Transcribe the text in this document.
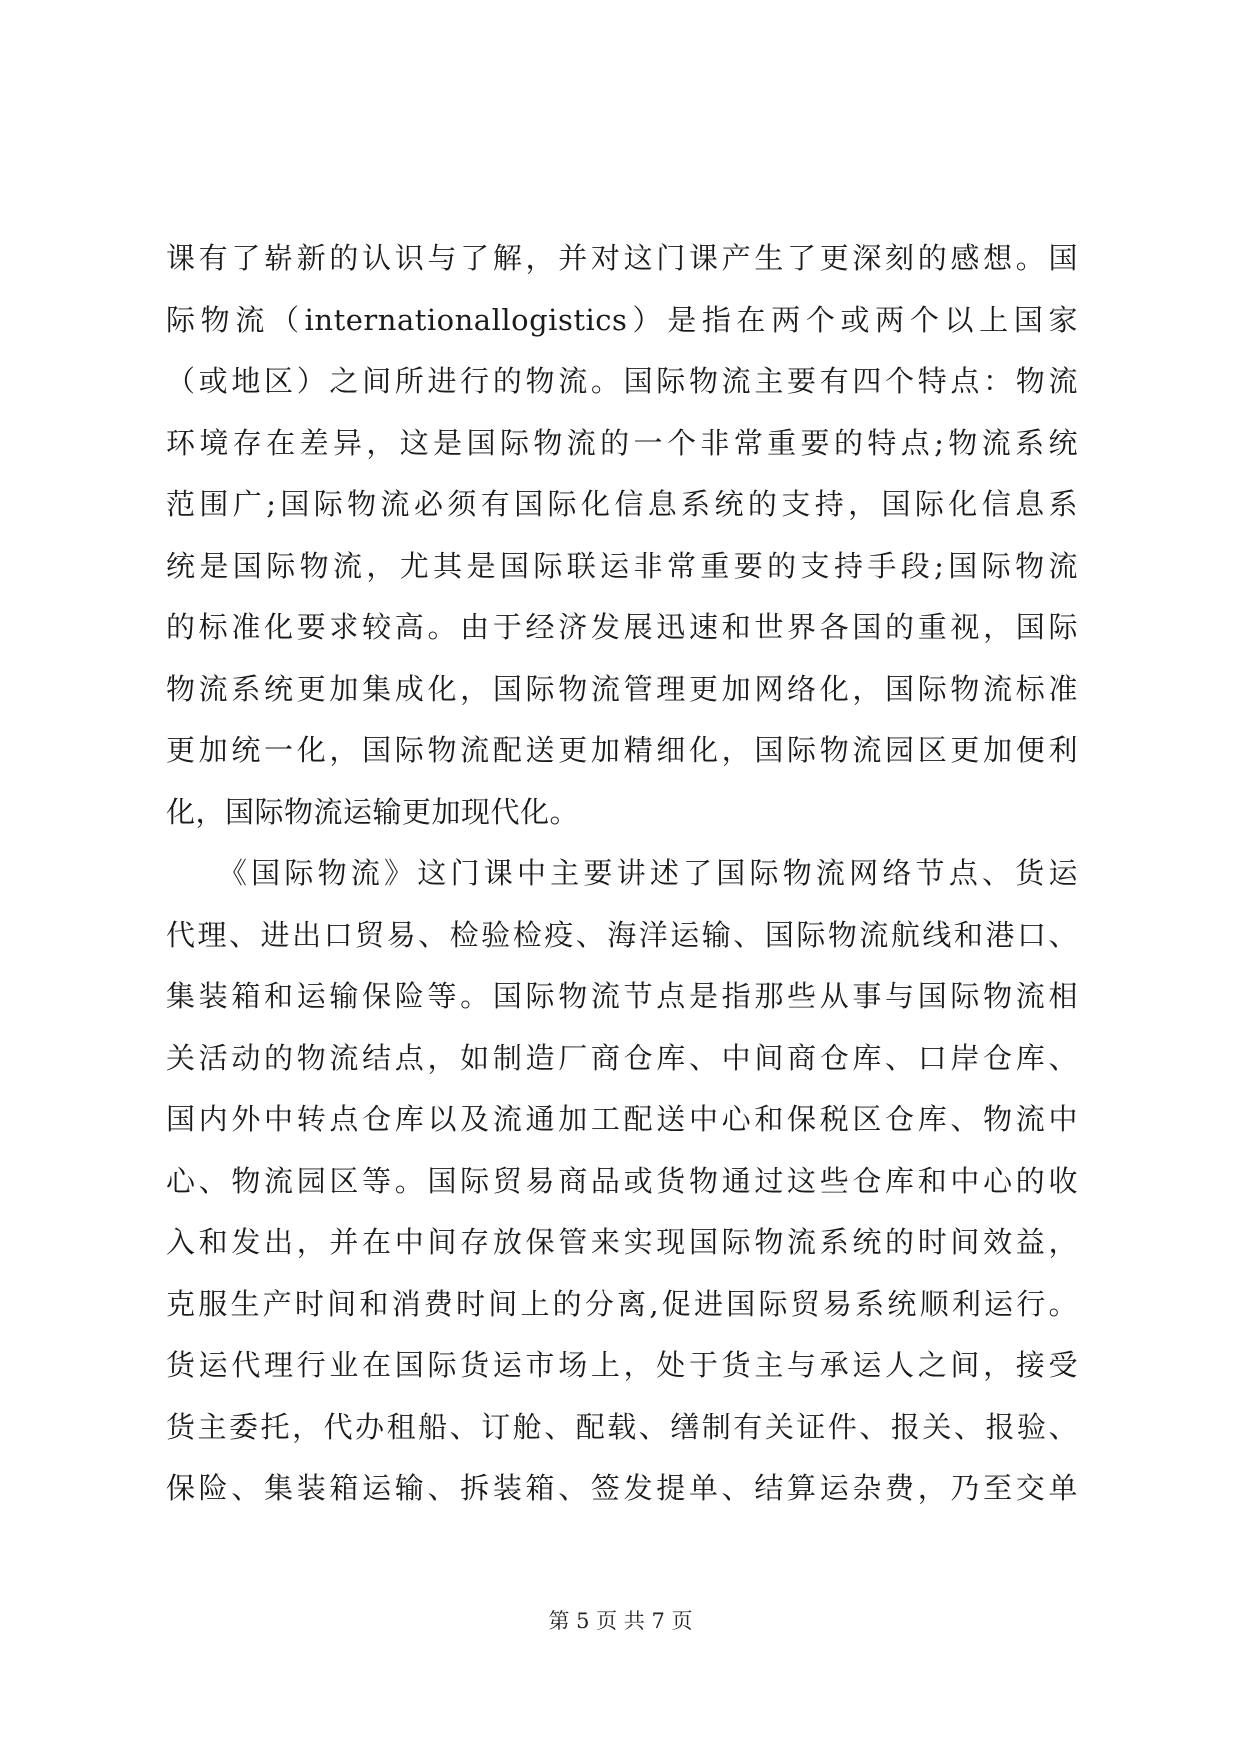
课有了崭新的认识与了解，并对这门课产生了更深刻的感想。国
际物流（internationallogistics）是指在两个或两个以上国家
（或地区）之间所进行的物流。国际物流主要有四个特点：物流
环境存在差异，这是国际物流的一个非常重要的特点;物流系统
范围广;国际物流必须有国际化信息系统的支持，国际化信息系
统是国际物流，尤其是国际联运非常重要的支持手段;国际物流
的标准化要求较高。由于经济发展迅速和世界各国的重视，国际
物流系统更加集成化，国际物流管理更加网络化，国际物流标准
更加统一化，国际物流配送更加精细化，国际物流园区更加便利
化，国际物流运输更加现代化。
　　《国际物流》这门课中主要讲述了国际物流网络节点、货运
代理、进出口贸易、检验检疫、海洋运输、国际物流航线和港口、
集装箱和运输保险等。国际物流节点是指那些从事与国际物流相
关活动的物流结点，如制造厂商仓库、中间商仓库、口岸仓库、
国内外中转点仓库以及流通加工配送中心和保税区仓库、物流中
心、物流园区等。国际贸易商品或货物通过这些仓库和中心的收
入和发出，并在中间存放保管来实现国际物流系统的时间效益，
克服生产时间和消费时间上的分离,促进国际贸易系统顺利运行。
货运代理行业在国际货运市场上，处于货主与承运人之间，接受
货主委托，代办租船、订舱、配载、缮制有关证件、报关、报验、
保险、集装箱运输、拆装箱、签发提单、结算运杂费，乃至交单
第 5 页 共 7 页
